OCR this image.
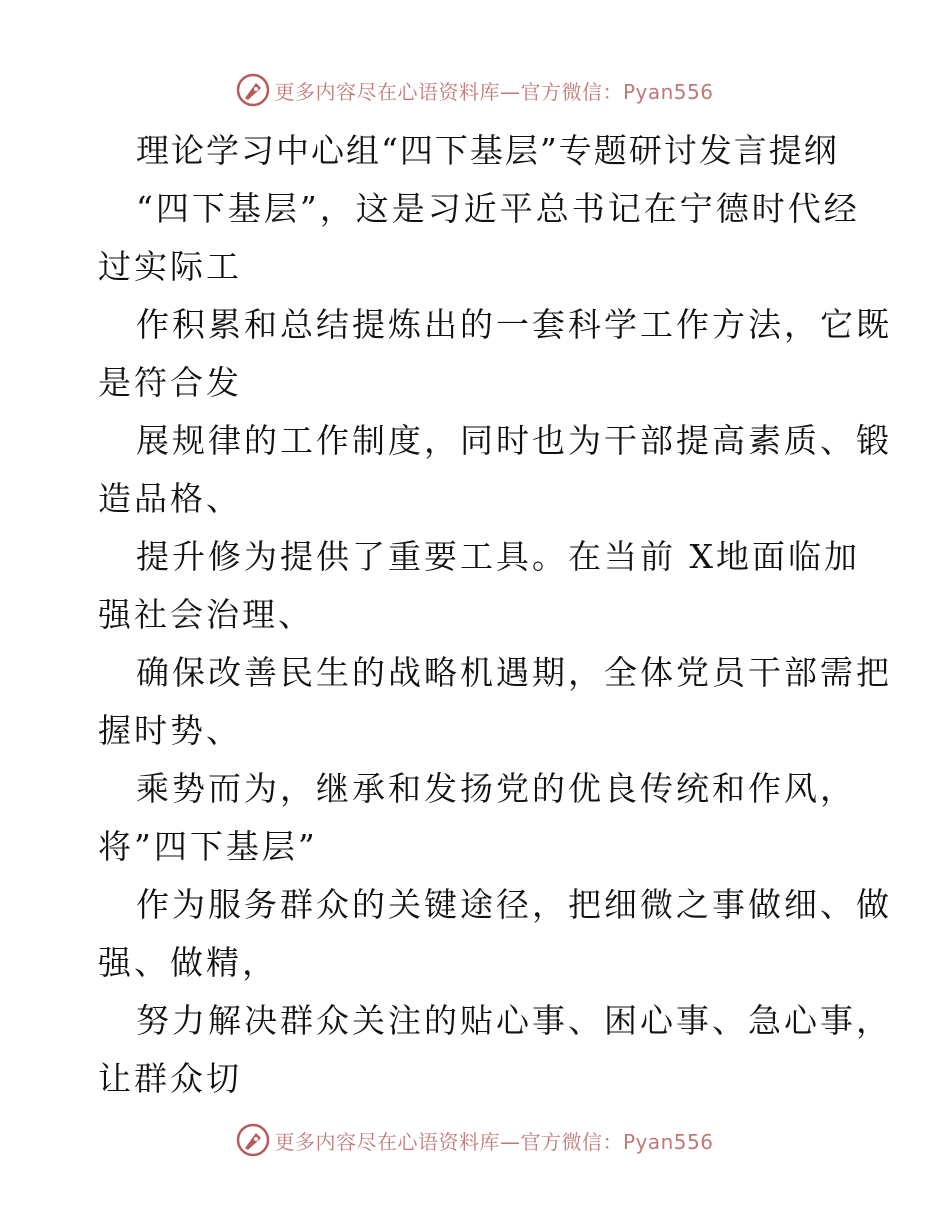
更多内容尽在心语资料库—官方微信：Pyan556
理论学习中心组“四下基层”专题研讨发言提纲
“四下基层”，这是习近平总书记在宁德时代经
过实际工
作积累和总结提炼出的一套科学工作方法，它既
是符合发
展规律的工作制度，同时也为干部提高素质、锻
造品格、
提升修为提供了重要工具。在当前 X地面临加
强社会治理、
确保改善民生的战略机遇期，全体党员干部需把
握时势、
乘势而为，继承和发扬党的优良传统和作风，
将”四下基层”
作为服务群众的关键途径，把细微之事做细、做
强、做精，
努力解决群众关注的贴心事、困心事、急心事，
让群众切
更多内容尽在心语资料库—官方微信：Pyan556
